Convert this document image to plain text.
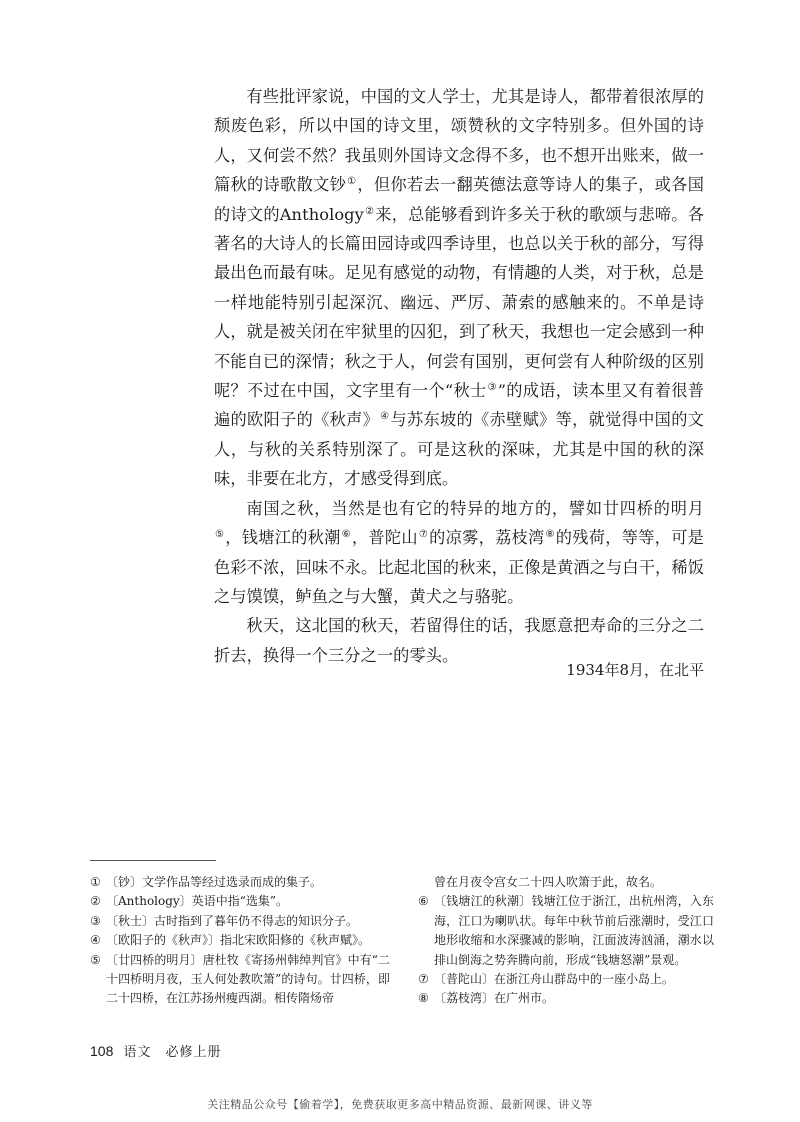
有些批评家说，中国的文人学士，尤其是诗人，都带着很浓厚的颓废色彩，所以中国的诗文里，颂赞秋的文字特别多。但外国的诗人，又何尝不然？我虽则外国诗文念得不多，也不想开出账来，做一篇秋的诗歌散文钞①，但你若去一翻英德法意等诗人的集子，或各国的诗文的Anthology②来，总能够看到许多关于秋的歌颂与悲啼。各著名的大诗人的长篇田园诗或四季诗里，也总以关于秋的部分，写得最出色而最有味。足见有感觉的动物，有情趣的人类，对于秋，总是一样地能特别引起深沉、幽远、严厉、萧索的感触来的。不单是诗人，就是被关闭在牢狱里的囚犯，到了秋天，我想也一定会感到一种不能自已的深情；秋之于人，何尝有国别，更何尝有人种阶级的区别呢？不过在中国，文字里有一个“秋士③”的成语，读本里又有着很普遍的欧阳子的《秋声》④与苏东坡的《赤壁赋》等，就觉得中国的文人，与秋的关系特别深了。可是这秋的深味，尤其是中国的秋的深味，非要在北方，才感受得到底。

南国之秋，当然是也有它的特异的地方的，譬如廿四桥的明月⑤，钱塘江的秋潮⑥，普陀山⑦的凉雾，荔枝湾⑧的残荷，等等，可是色彩不浓，回味不永。比起北国的秋来，正像是黄酒之与白干，稀饭之与馍馍，鲈鱼之与大蟹，黄犬之与骆驼。

秋天，这北国的秋天，若留得住的话，我愿意把寿命的三分之二折去，换得一个三分之一的零头。

1934年8月，在北平

① 〔钞〕文学作品等经过选录而成的集子。

② 〔Anthology〕英语中指“选集”。

③ 〔秋士〕古时指到了暮年仍不得志的知识分子。

④ 〔欧阳子的《秋声》〕指北宋欧阳修的《秋声赋》。

⑤ 〔廿四桥的明月〕唐杜牧《寄扬州韩绰判官》中有“二十四桥明月夜，玉人何处教吹箫”的诗句。廿四桥，即二十四桥，在江苏扬州瘦西湖。相传隋炀帝

曾在月夜令宫女二十四人吹箫于此，故名。

⑥ 〔钱塘江的秋潮〕钱塘江位于浙江，出杭州湾，入东海，江口为喇叭状。每年中秋节前后涨潮时，受江口地形收缩和水深骤减的影响，江面波涛汹涌，潮水以排山倒海之势奔腾向前，形成“钱塘怒潮”景观。

⑦ 〔普陀山〕在浙江舟山群岛中的一座小岛上。

⑧ 〔荔枝湾〕在广州市。

108 语文　必修上册
关注精品公众号【偷着学】，免费获取更多高中精品资源、最新网课、讲义等
